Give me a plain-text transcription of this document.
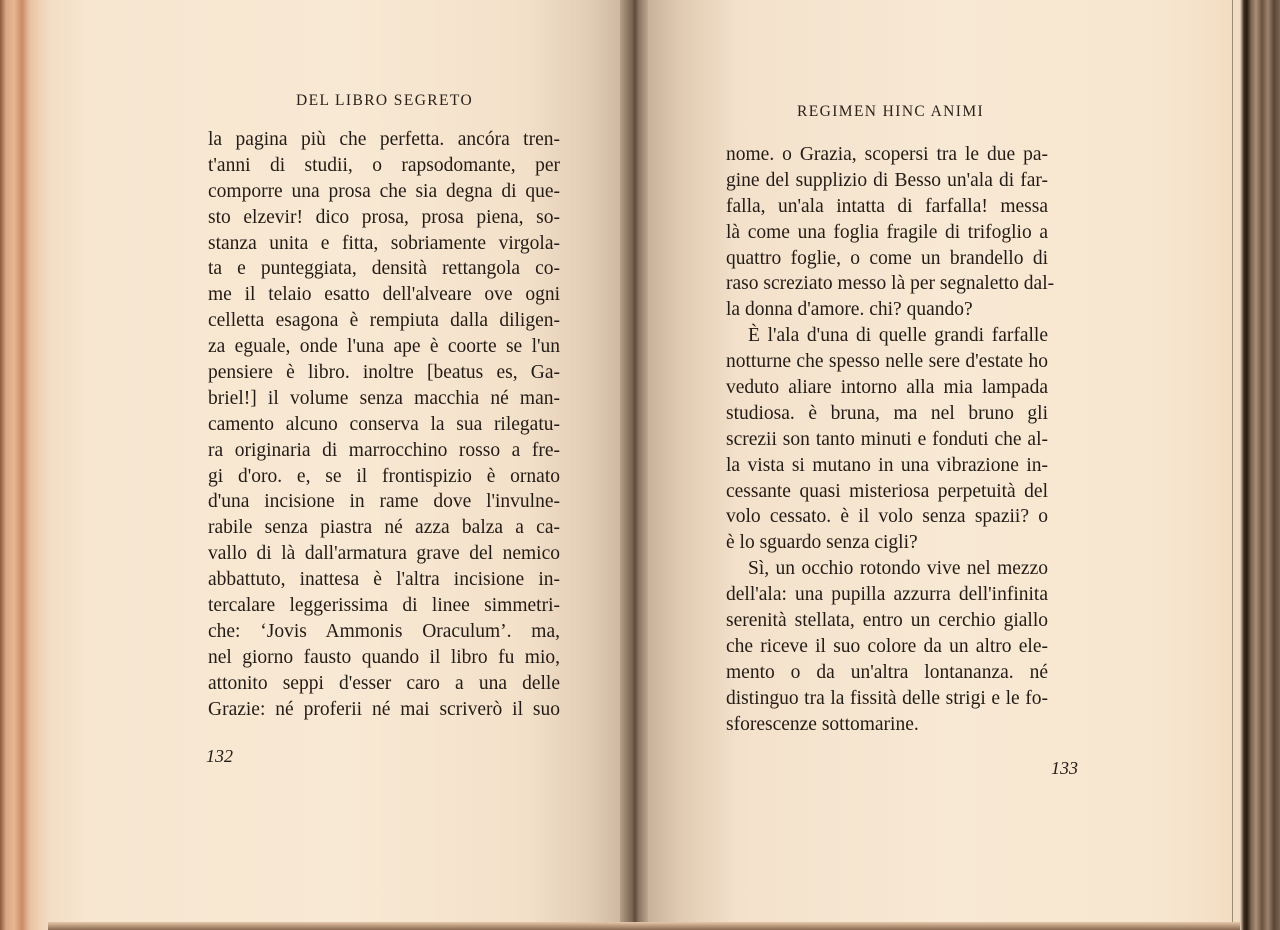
DEL LIBRO SEGRETO
REGIMEN HINC ANIMI
la pagina più che perfetta. ancóra tren-
t'anni di studii, o rapsodomante, per
comporre una prosa che sia degna di que-
sto elzevir! dico prosa, prosa piena, so-
stanza unita e fitta, sobriamente virgola-
ta e punteggiata, densità rettangola co-
me il telaio esatto dell'alveare ove ogni
celletta esagona è rempiuta dalla diligen-
za eguale, onde l'una ape è coorte se l'un
pensiere è libro. inoltre [beatus es, Ga-
briel!] il volume senza macchia né man-
camento alcuno conserva la sua rilegatu-
ra originaria di marrocchino rosso a fre-
gi d'oro. e, se il frontispizio è ornato
d'una incisione in rame dove l'invulne-
rabile senza piastra né azza balza a ca-
vallo di là dall'armatura grave del nemico
abbattuto, inattesa è l'altra incisione in-
tercalare leggerissima di linee simmetri-
che: ‘Jovis Ammonis Oraculum’. ma,
nel giorno fausto quando il libro fu mio,
attonito seppi d'esser caro a una delle
Grazie: né proferii né mai scriverò il suo
nome. o Grazia, scopersi tra le due pa-
gine del supplizio di Besso un'ala di far-
falla, un'ala intatta di farfalla! messa
là come una foglia fragile di trifoglio a
quattro foglie, o come un brandello di
raso screziato messo là per segnaletto dal-
la donna d'amore. chi? quando?
È l'ala d'una di quelle grandi farfalle
notturne che spesso nelle sere d'estate ho
veduto aliare intorno alla mia lampada
studiosa. è bruna, ma nel bruno gli
screzii son tanto minuti e fonduti che al-
la vista si mutano in una vibrazione in-
cessante quasi misteriosa perpetuità del
volo cessato. è il volo senza spazii? o
è lo sguardo senza cigli?
Sì, un occhio rotondo vive nel mezzo
dell'ala: una pupilla azzurra dell'infinita
serenità stellata, entro un cerchio giallo
che riceve il suo colore da un altro ele-
mento o da un'altra lontananza. né
distinguo tra la fissità delle strigi e le fo-
sforescenze sottomarine.
132
133
